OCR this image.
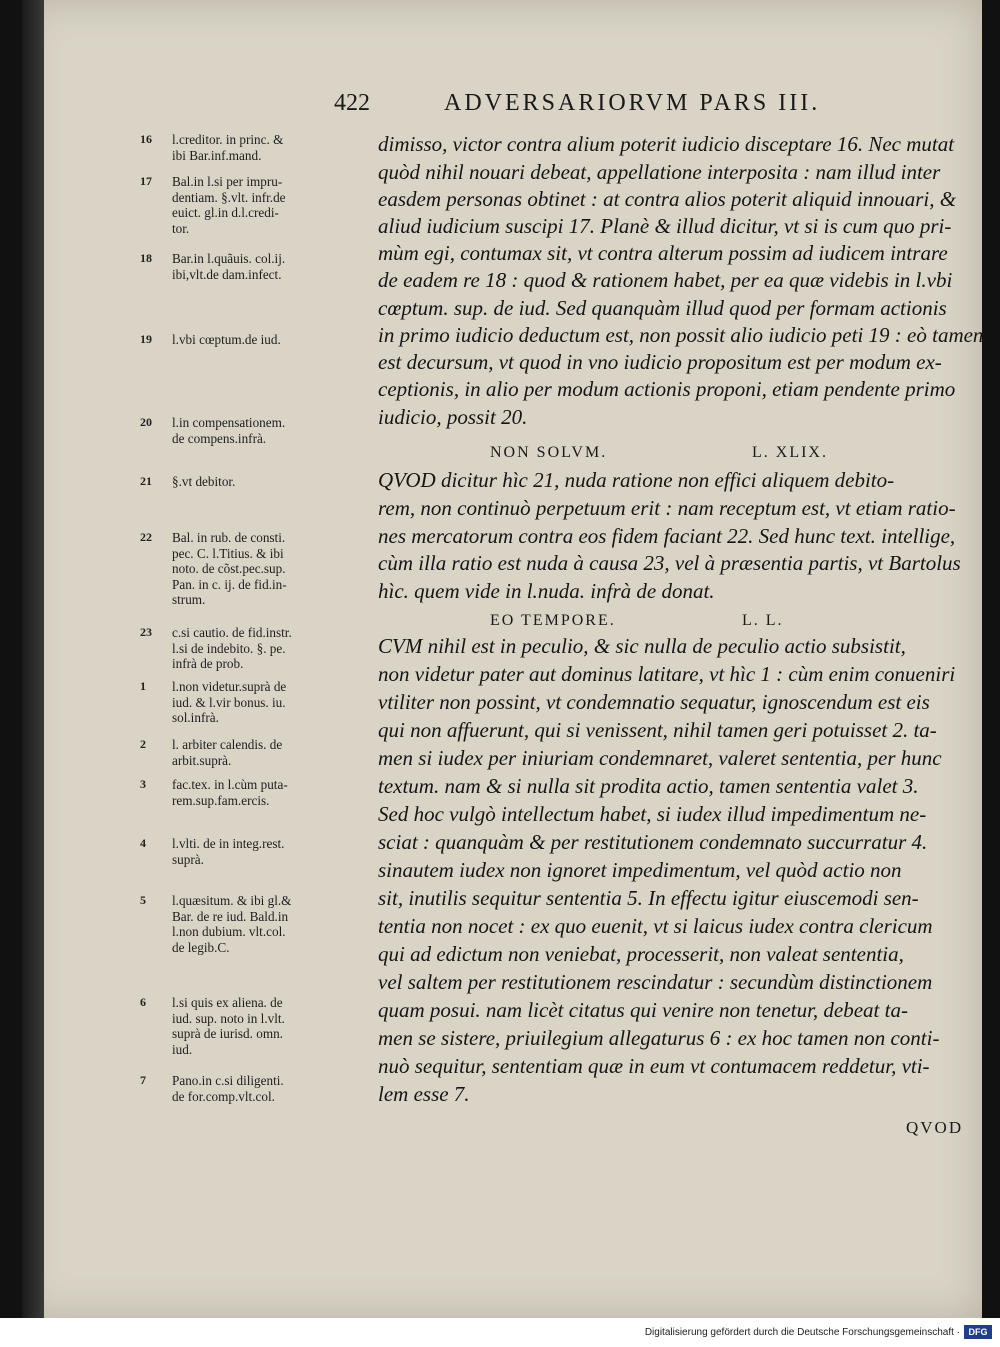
422	ADVERSARIORVM PARS III.
16 l.creditor. in princ. &
ibi Bar.inf.mand.
17 Bal.in l.si per impru-
dentiam. §.vlt. infr.de
euict. gl.in d.l.credi-
tor.
18 Bar.in l.quãuis. col.ij.
ibi,vlt.de dam.infect.
19 l.vbi cœptum.de iud.
20 l.in compensationem.
de compens.infrà.
21 §.vt debitor.
22 Bal. in rub. de consti.
pec. C. l.Titius. & ibi
noto. de cõst.pec.sup.
Pan. in c. ij. de fid.in-
strum.
23 c.si cautio. de fid.instr.
l.si de indebito. §. pe.
infrà de prob.
1 l.non videtur.suprà de
iud. & l.vir bonus. iu.
sol.infrà.
2 l. arbiter calendis. de
arbit.suprà.
3 fac.tex. in l.cùm puta-
rem.sup.fam.ercis.
4 l.vlti. de in integ.rest.
suprà.
5 l.quæsitum. & ibi gl.&
Bar. de re iud. Bald.in
l.non dubium. vlt.col.
de legib.C.
6 l.si quis ex aliena. de
iud. sup. noto in l.vlt.
suprà de iurisd. omn.
iud.
7 Pano.in c.si diligenti.
de for.comp.vlt.col.
dimisso, victor contra alium poterit iudicio disceptare 16. Nec mutat
quòd nihil nouari debeat, appellatione interposita : nam illud inter
easdem personas obtinet : at contra alios poterit aliquid innouari, &
aliud iudicium suscipi 17. Planè & illud dicitur, vt si is cum quo pri-
mùm egi, contumax sit, vt contra alterum possim ad iudicem intrare
de eadem re 18 : quod & rationem habet, per ea quæ videbis in l.vbi
cœptum. sup. de iud. Sed quanquàm illud quod per formam actionis
in primo iudicio deductum est, non possit alio iudicio peti 19 : eò tamen
est decursum, vt quod in vno iudicio propositum est per modum ex-
ceptionis, in alio per modum actionis proponi, etiam pendente primo
iudicio, possit 20.
NON SOLVM.	L. XLIX.
QVOD dicitur hìc 21, nuda ratione non effici aliquem debito-
rem, non continuò perpetuum erit : nam receptum est, vt etiam ratio-
nes mercatorum contra eos fidem faciant 22. Sed hunc text. intellige,
cùm illa ratio est nuda à causa 23, vel à præsentia partis, vt Bartolus
hìc. quem vide in l.nuda. infrà de donat.
EO TEMPORE.	L. L.
CVM nihil est in peculio, & sic nulla de peculio actio subsistit,
non videtur pater aut dominus latitare, vt hìc 1 : cùm enim conueniri
vtiliter non possint, vt condemnatio sequatur, ignoscendum est eis
qui non affuerunt, qui si venissent, nihil tamen geri potuisset 2. ta-
men si iudex per iniuriam condemnaret, valeret sententia, per hunc
textum. nam & si nulla sit prodita actio, tamen sententia valet 3.
Sed hoc vulgò intellectum habet, si iudex illud impedimentum ne-
sciat : quanquàm & per restitutionem condemnato succurratur 4.
sinautem iudex non ignoret impedimentum, vel quòd actio non
sit, inutilis sequitur sententia 5. In effectu igitur eiuscemodi sen-
tentia non nocet : ex quo euenit, vt si laicus iudex contra clericum
qui ad edictum non veniebat, processerit, non valeat sententia,
vel saltem per restitutionem rescindatur : secundùm distinctionem
quam posui. nam licèt citatus qui venire non tenetur, debeat ta-
men se sistere, priuilegium allegaturus 6 : ex hoc tamen non conti-
nuò sequitur, sententiam quæ in eum vt contumacem reddetur, vti-
lem esse 7.
QVOD
Digitalisierung gefördert durch die Deutsche Forschungsgemeinschaft · DFG
